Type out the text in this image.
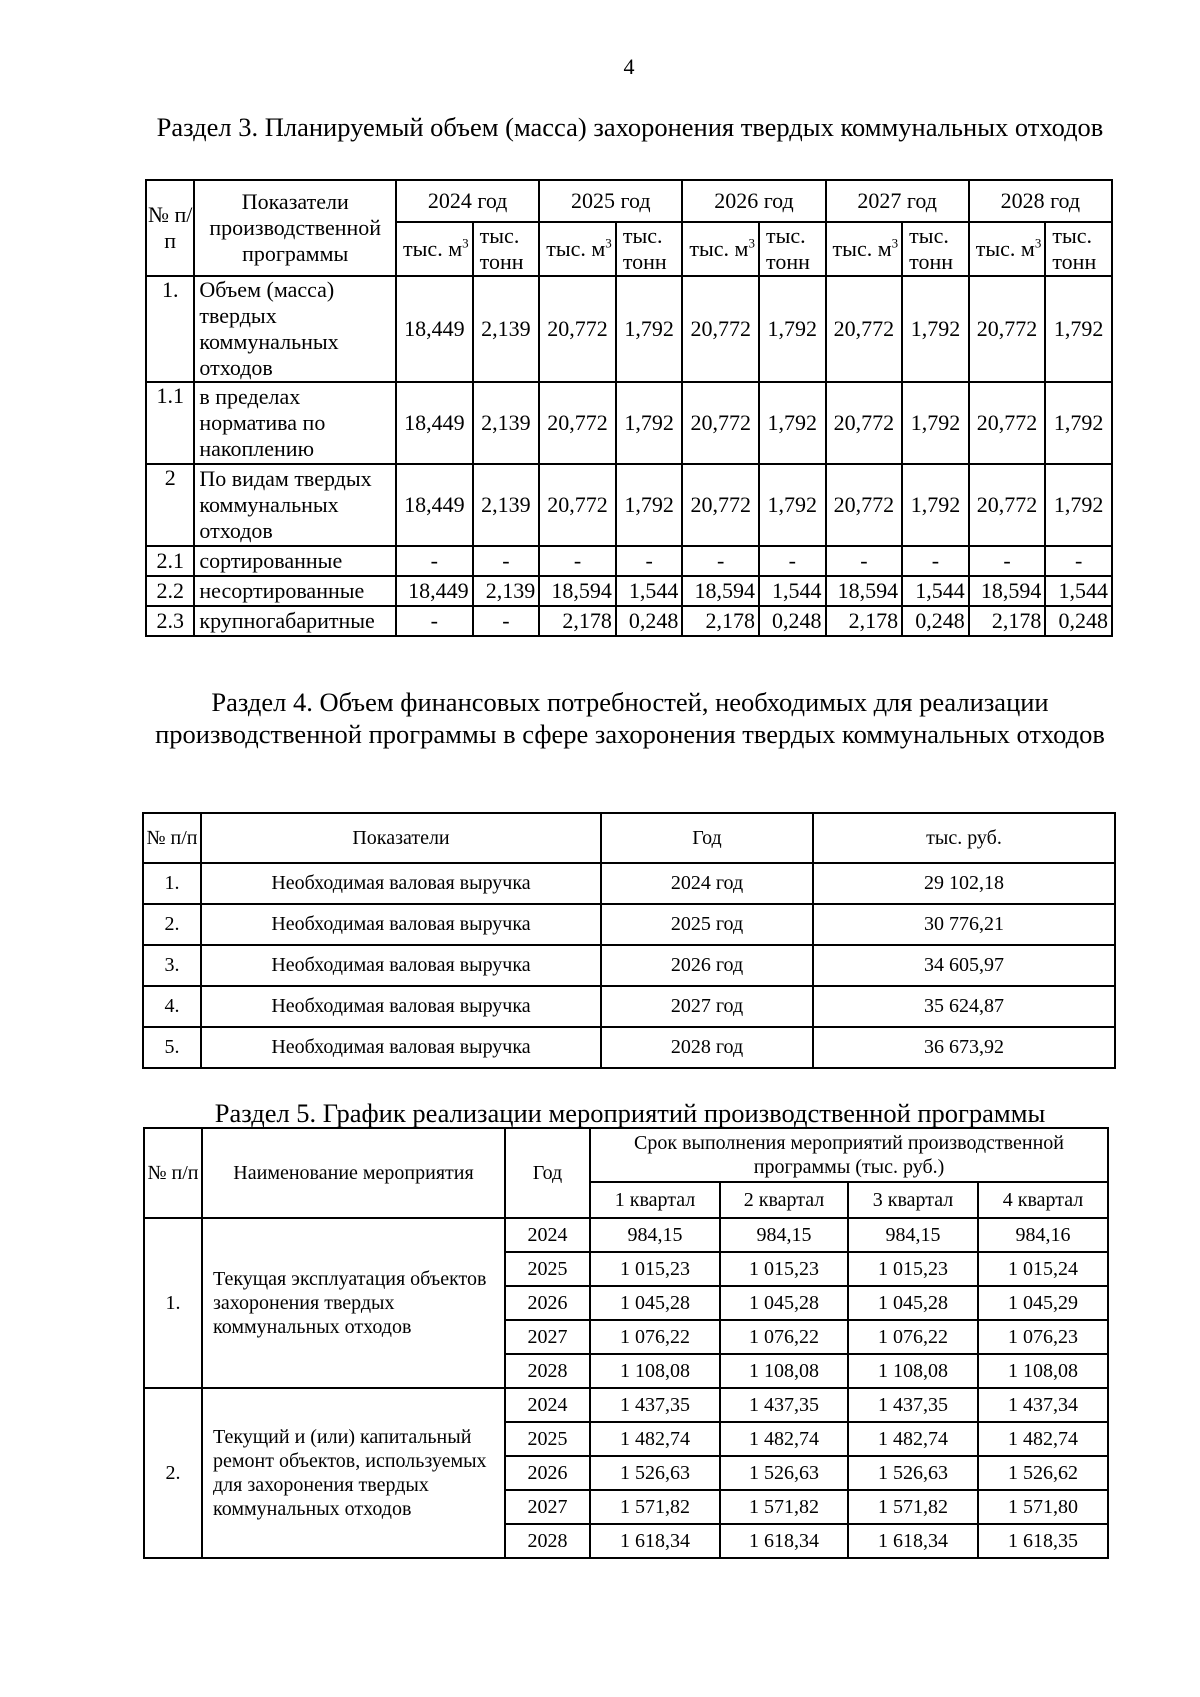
4
Раздел 3. Планируемый объем (масса) захоронения твердых коммунальных отходов
№ п/п	Показатели производственной программы	2024 год		2025 год		2026 год		2027 год		2028 год	
		тыс. $м^3$	тыс. тонн	тыс. $м^3$	тыс. тонн	тыс. $м^3$	тыс. тонн	тыс. $м^3$	тыс. тонн	тыс. $м^3$	тыс. тонн
1.	Объем (масса) твердых коммунальных отходов	18,449	2,139	20,772	1,792	20,772	1,792	20,772	1,792	20,772	1,792
1.1	в пределах норматива по накоплению	18,449	2,139	20,772	1,792	20,772	1,792	20,772	1,792	20,772	1,792
2	По видам твердых коммунальных отходов	18,449	2,139	20,772	1,792	20,772	1,792	20,772	1,792	20,772	1,792
2.1	сортированные	-	-	-	-	-	-	-	-	-	-
2.2	несортированные	18,449	2,139	18,594	1,544	18,594	1,544	18,594	1,544	18,594	1,544
2.3	крупногабаритные	-	-	2,178	0,248	2,178	0,248	2,178	0,248	2,178	0,248
Раздел 4. Объем финансовых потребностей, необходимых для реализации производственной программы в сфере захоронения твердых коммунальных отходов
№ п/п	Показатели	Год	тыс. руб.
1.	Необходимая валовая выручка	2024 год	29 102,18
2.	Необходимая валовая выручка	2025 год	30 776,21
3.	Необходимая валовая выручка	2026 год	34 605,97
4.	Необходимая валовая выручка	2027 год	35 624,87
5.	Необходимая валовая выручка	2028 год	36 673,92
Раздел 5. График реализации мероприятий производственной программы
№ п/п	Наименование мероприятия	Год	Срок выполнения мероприятий производственной программы (тыс. руб.)			
			1 квартал	2 квартал	3 квартал	4 квартал
1.	Текущая эксплуатация объектов захоронения твердых коммунальных отходов	2024	984,15	984,15	984,15	984,16
		2025	1 015,23	1 015,23	1 015,23	1 015,24
		2026	1 045,28	1 045,28	1 045,28	1 045,29
		2027	1 076,22	1 076,22	1 076,22	1 076,23
		2028	1 108,08	1 108,08	1 108,08	1 108,08
2.	Текущий и (или) капитальный ремонт объектов, используемых для захоронения твердых коммунальных отходов	2024	1 437,35	1 437,35	1 437,35	1 437,34
		2025	1 482,74	1 482,74	1 482,74	1 482,74
		2026	1 526,63	1 526,63	1 526,63	1 526,62
		2027	1 571,82	1 571,82	1 571,82	1 571,80
		2028	1 618,34	1 618,34	1 618,34	1 618,35
